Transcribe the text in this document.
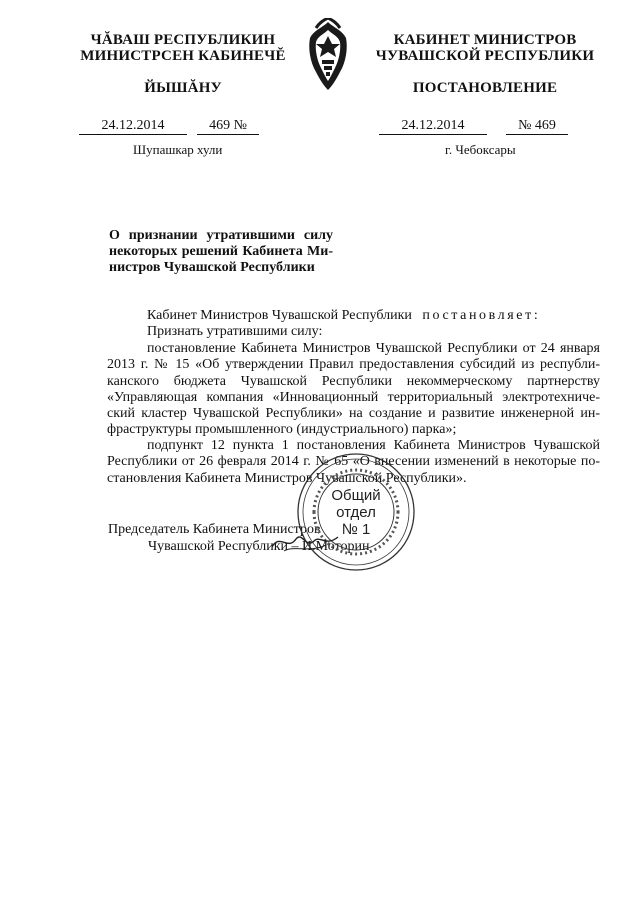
ЧĂВАШ РЕСПУБЛИКИН
МИНИСТРСЕН КАБИНЕЧĔ
ЙЫШĂНУ
КАБИНЕТ МИНИСТРОВ
ЧУВАШСКОЙ РЕСПУБЛИКИ
ПОСТАНОВЛЕНИЕ
24.12.2014	469 №	24.12.2014	№ 469
Шупашкар хули	г. Чебоксары
О признании утратившими силу
некоторых решений Кабинета Ми-
нистров Чувашской Республики
Кабинет Министров Чувашской Республики постановляет:
Признать утратившими силу:
постановление Кабинета Министров Чувашской Республики от 24 января
2013 г. № 15 «Об утверждении Правил предоставления субсидий из республи-
канского бюджета Чувашской Республики некоммерческому партнерству
«Управляющая компания «Инновационный территориальный электротехниче-
ский кластер Чувашской Республики» на создание и развитие инженерной ин-
фраструктуры промышленного (индустриального) парка»;
подпункт 12 пункта 1 постановления Кабинета Министров Чувашской
Республики от 26 февраля 2014 г. № 65 «О внесении изменений в некоторые по-
становления Кабинета Министров Чувашской Республики».
Председатель Кабинета Министров
Чувашской Республики – И.Моторин
Общий
отдел
№ 1
